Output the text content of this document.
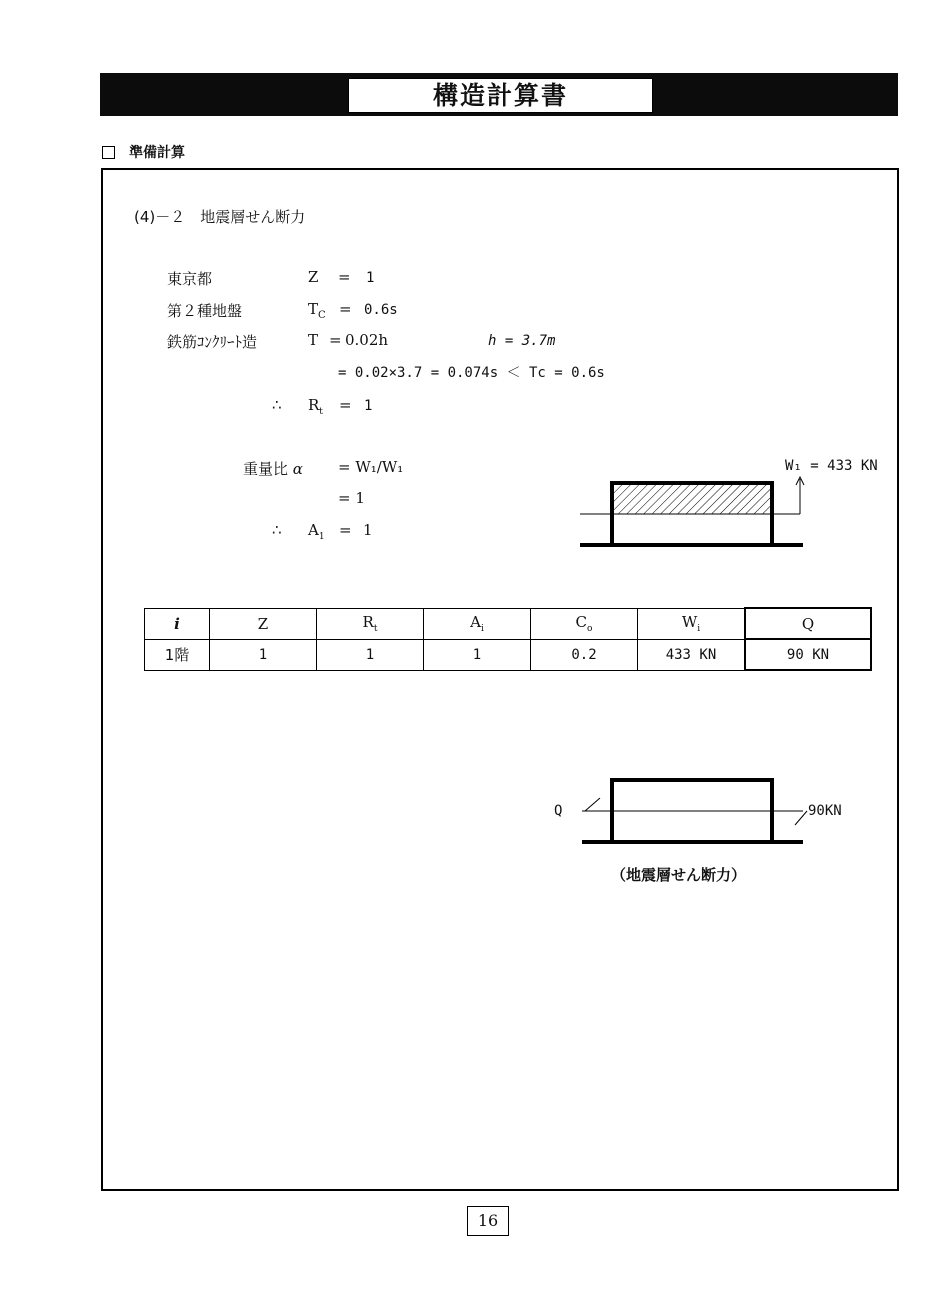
構造計算書
準備計算
(4)－２　地震層せん断力
東京都	Z = 1
第２種地盤	$T_C = 0.6s$
鉄筋ｺﾝｸﾘｰﾄ造	T = 0.02h	h = 3.7m
= 0.02×3.7 = 0.074s ＜ Tc = 0.6s
∴ $R_t = 1$
重量比 α = W₁/W₁
= 1
∴ $A_1 = 1$
W₁ = 433 KN
i	Z	$R_t$	$A_i$	$C_o$	$W_i$	Q
1階	1	1	1	0.2	433 KN	90 KN
Q	90KN
（地震層せん断力）
16
